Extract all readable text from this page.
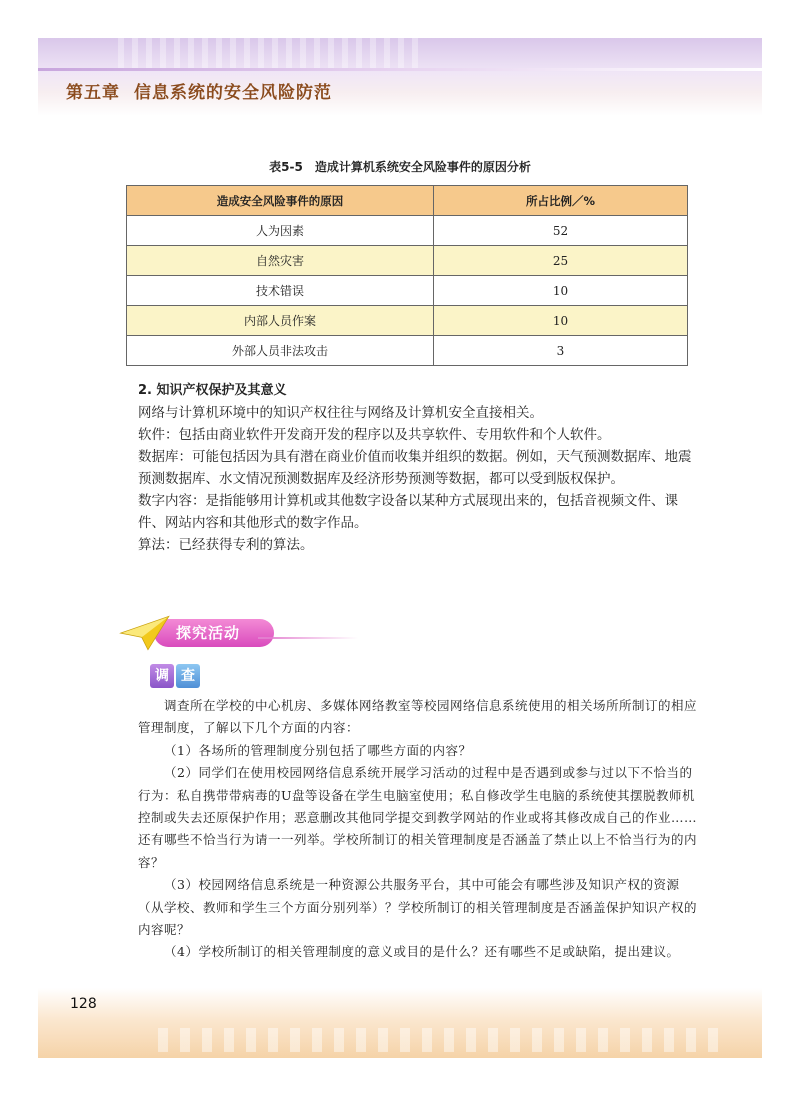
第五章 信息系统的安全风险防范
表5-5　造成计算机系统安全风险事件的原因分析
造成安全风险事件的原因	所占比例／%
人为因素	52
自然灾害	25
技术错误	10
内部人员作案	10
外部人员非法攻击	3

2. 知识产权保护及其意义

网络与计算机环境中的知识产权往往与网络及计算机安全直接相关。

软件：包括由商业软件开发商开发的程序以及共享软件、专用软件和个人软件。

数据库：可能包括因为具有潜在商业价值而收集并组织的数据。例如，天气预测数据库、地震预测数据库、水文情况预测数据库及经济形势预测等数据，都可以受到版权保护。

数字内容：是指能够用计算机或其他数字设备以某种方式展现出来的，包括音视频文件、课件、网站内容和其他形式的数字作品。

算法：已经获得专利的算法。

探究活动
调 查

调查所在学校的中心机房、多媒体网络教室等校园网络信息系统使用的相关场所所制订的相应管理制度，了解以下几个方面的内容：

（1）各场所的管理制度分别包括了哪些方面的内容？

（2）同学们在使用校园网络信息系统开展学习活动的过程中是否遇到或参与过以下不恰当的行为：私自携带带病毒的U盘等设备在学生电脑室使用；私自修改学生电脑的系统使其摆脱教师机控制或失去还原保护作用；恶意删改其他同学提交到教学网站的作业或将其修改成自己的作业……还有哪些不恰当行为请一一列举。学校所制订的相关管理制度是否涵盖了禁止以上不恰当行为的内容？

（3）校园网络信息系统是一种资源公共服务平台，其中可能会有哪些涉及知识产权的资源（从学校、教师和学生三个方面分别列举）？学校所制订的相关管理制度是否涵盖保护知识产权的内容呢？

（4）学校所制订的相关管理制度的意义或目的是什么？还有哪些不足或缺陷，提出建议。

128
